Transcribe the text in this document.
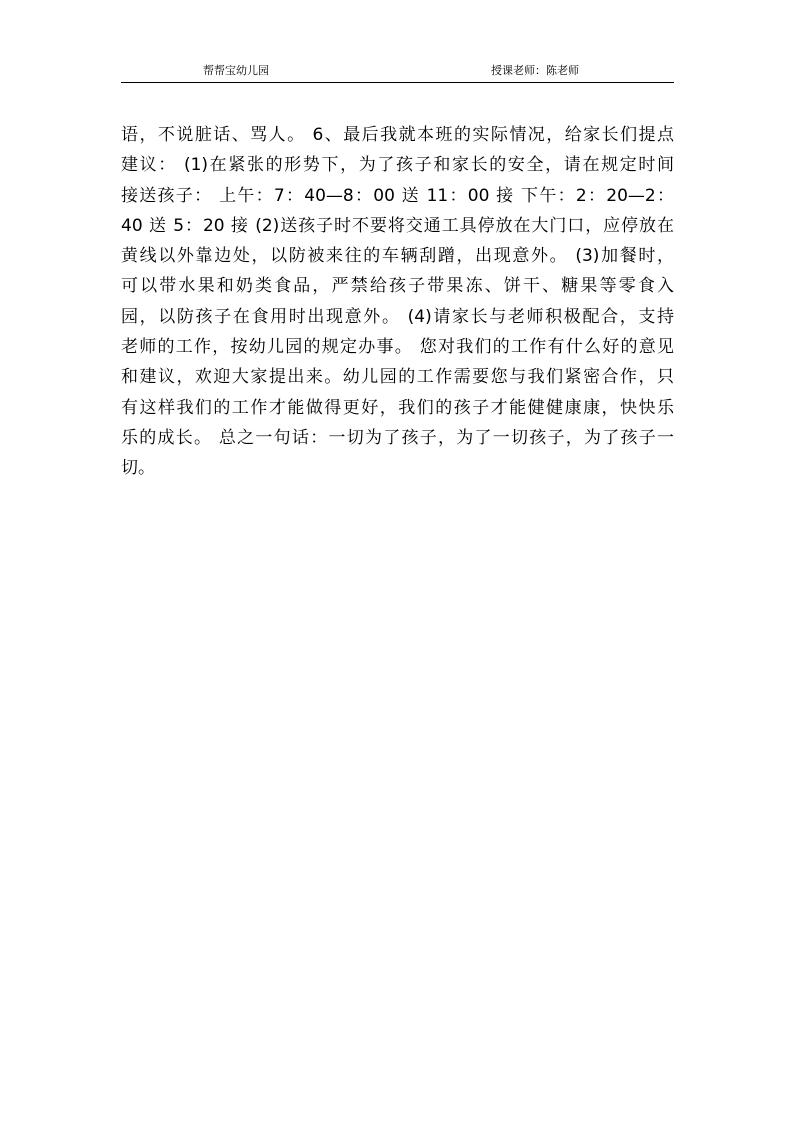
帮帮宝幼儿园	授课老师：陈老师
语，不说脏话、骂人。 6、最后我就本班的实际情况，给家长们提点
建议： (1)在紧张的形势下，为了孩子和家长的安全，请在规定时间
接送孩子： 上午：7：40—8：00 送 11：00 接 下午：2：20—2：
40 送 5：20 接 (2)送孩子时不要将交通工具停放在大门口，应停放在
黄线以外靠边处，以防被来往的车辆刮蹭，出现意外。 (3)加餐时，
可以带水果和奶类食品，严禁给孩子带果冻、饼干、糖果等零食入
园，以防孩子在食用时出现意外。 (4)请家长与老师积极配合，支持
老师的工作，按幼儿园的规定办事。 您对我们的工作有什么好的意见
和建议，欢迎大家提出来。幼儿园的工作需要您与我们紧密合作，只
有这样我们的工作才能做得更好，我们的孩子才能健健康康，快快乐
乐的成长。 总之一句话：一切为了孩子，为了一切孩子，为了孩子一
切。
